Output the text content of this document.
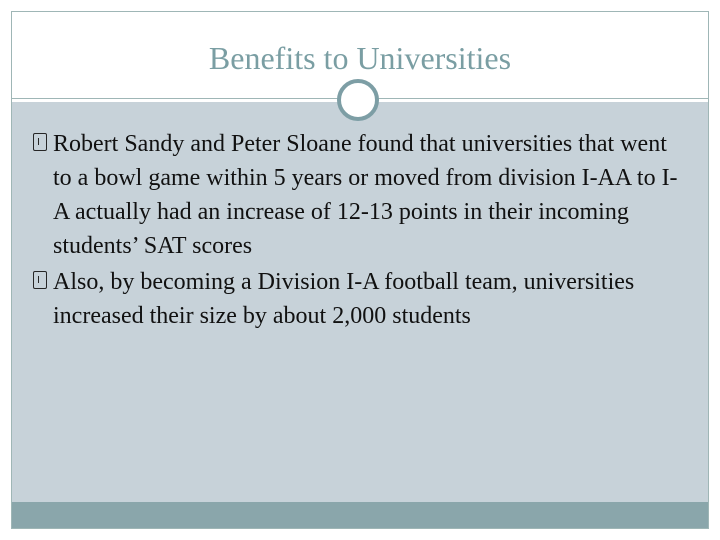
Benefits to Universities
Robert Sandy and Peter Sloane found that universities that went to a bowl game within 5 years or moved from division I-AA to I-A actually had an increase of 12-13 points in their incoming students’ SAT scores
Also, by becoming a Division I-A football team, universities increased their size by about 2,000 students
